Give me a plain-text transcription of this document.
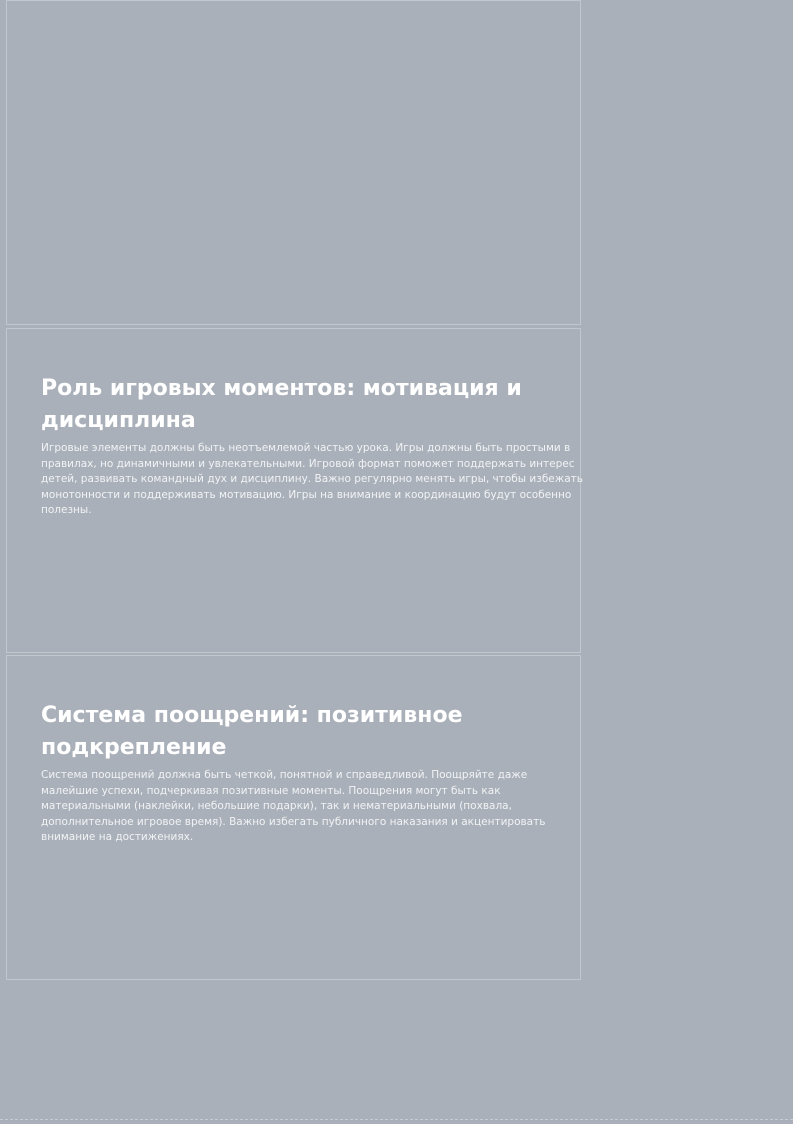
Роль игровых моментов: мотивация и дисциплина

Игровые элементы должны быть неотъемлемой частью урока. Игры должны быть простыми в правилах, но динамичными и увлекательными. Игровой формат поможет поддержать интерес детей, развивать командный дух и дисциплину. Важно регулярно менять игры, чтобы избежать монотонности и поддерживать мотивацию. Игры на внимание и координацию будут особенно полезны.

Система поощрений: позитивное подкрепление

Система поощрений должна быть четкой, понятной и справедливой. Поощряйте даже малейшие успехи, подчеркивая позитивные моменты. Поощрения могут быть как материальными (наклейки, небольшие подарки), так и нематериальными (похвала, дополнительное игровое время). Важно избегать публичного наказания и акцентировать внимание на достижениях.
